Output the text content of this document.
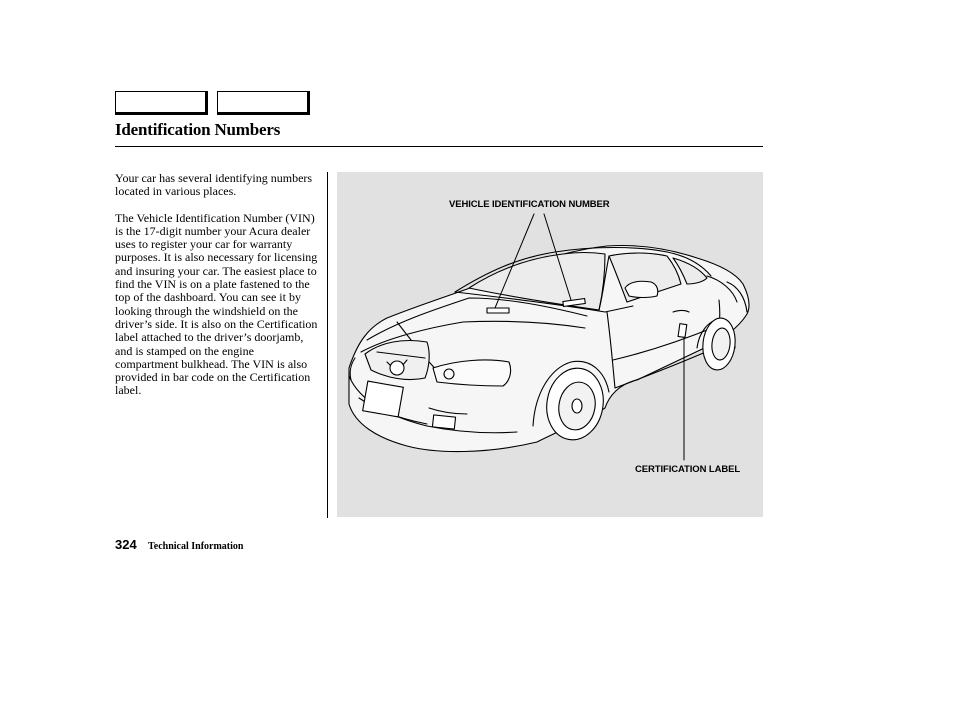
Identification Numbers

Your car has several identifying numbers located in various places.

The Vehicle Identification Number (VIN) is the 17-digit number your Acura dealer uses to register your car for warranty purposes. It is also necessary for licensing and insuring your car. The easiest place to find the VIN is on a plate fastened to the top of the dashboard. You can see it by looking through the windshield on the driver’s side. It is also on the Certification label attached to the driver’s doorjamb, and is stamped on the engine compartment bulkhead. The VIN is also provided in bar code on the Certification label.

VEHICLE IDENTIFICATION NUMBER
CERTIFICATION LABEL
324 Technical Information
